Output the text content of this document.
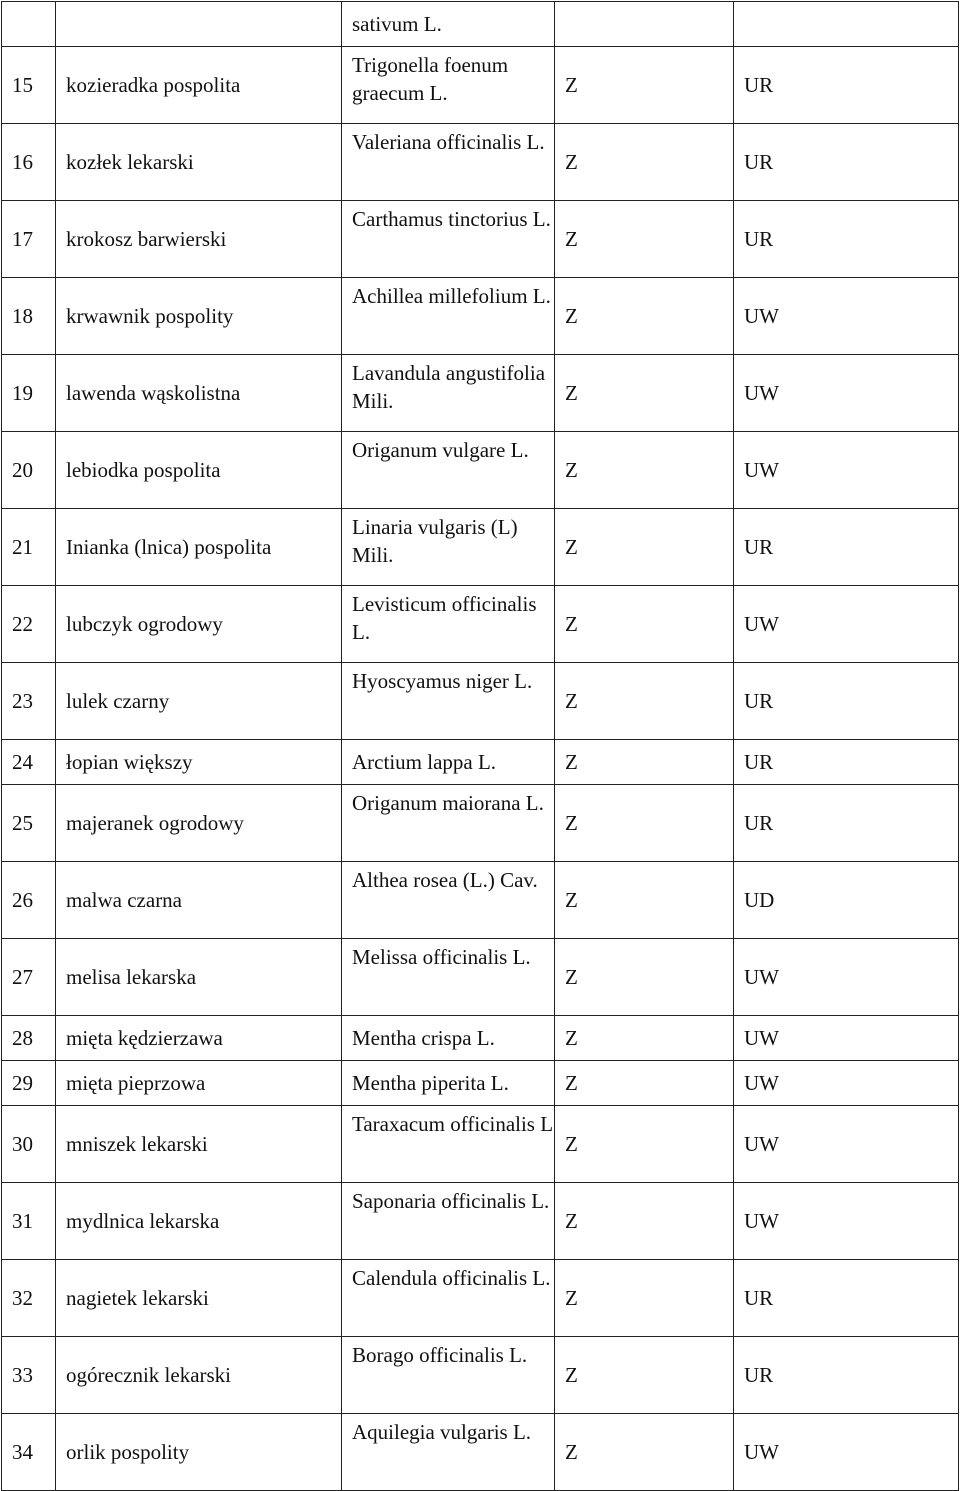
		sativum L.		
15	kozieradka pospolita	Trigonella foenum graecum L.	Z	UR
16	kozłek lekarski	Valeriana officinalis L.	Z	UR
17	krokosz barwierski	Carthamus tinctorius L.	Z	UR
18	krwawnik pospolity	Achillea millefolium L.	Z	UW
19	lawenda wąskolistna	Lavandula angustifolia Mili.	Z	UW
20	lebiodka pospolita	Origanum vulgare L.	Z	UW
21	Inianka (lnica) pospolita	Linaria vulgaris (L) Mili.	Z	UR
22	lubczyk ogrodowy	Levisticum officinalis L.	Z	UW
23	lulek czarny	Hyoscyamus niger L.	Z	UR
24	łopian większy	Arctium lappa L.	Z	UR
25	majeranek ogrodowy	Origanum maiorana L.	Z	UR
26	malwa czarna	Althea rosea (L.) Cav.	Z	UD
27	melisa lekarska	Melissa officinalis L.	Z	UW
28	mięta kędzierzawa	Mentha crispa L.	Z	UW
29	mięta pieprzowa	Mentha piperita L.	Z	UW
30	mniszek lekarski	Taraxacum officinalis L	Z	UW
31	mydlnica lekarska	Saponaria officinalis L.	Z	UW
32	nagietek lekarski	Calendula officinalis L.	Z	UR
33	ogórecznik lekarski	Borago officinalis L.	Z	UR
34	orlik pospolity	Aquilegia vulgaris L.	Z	UW
